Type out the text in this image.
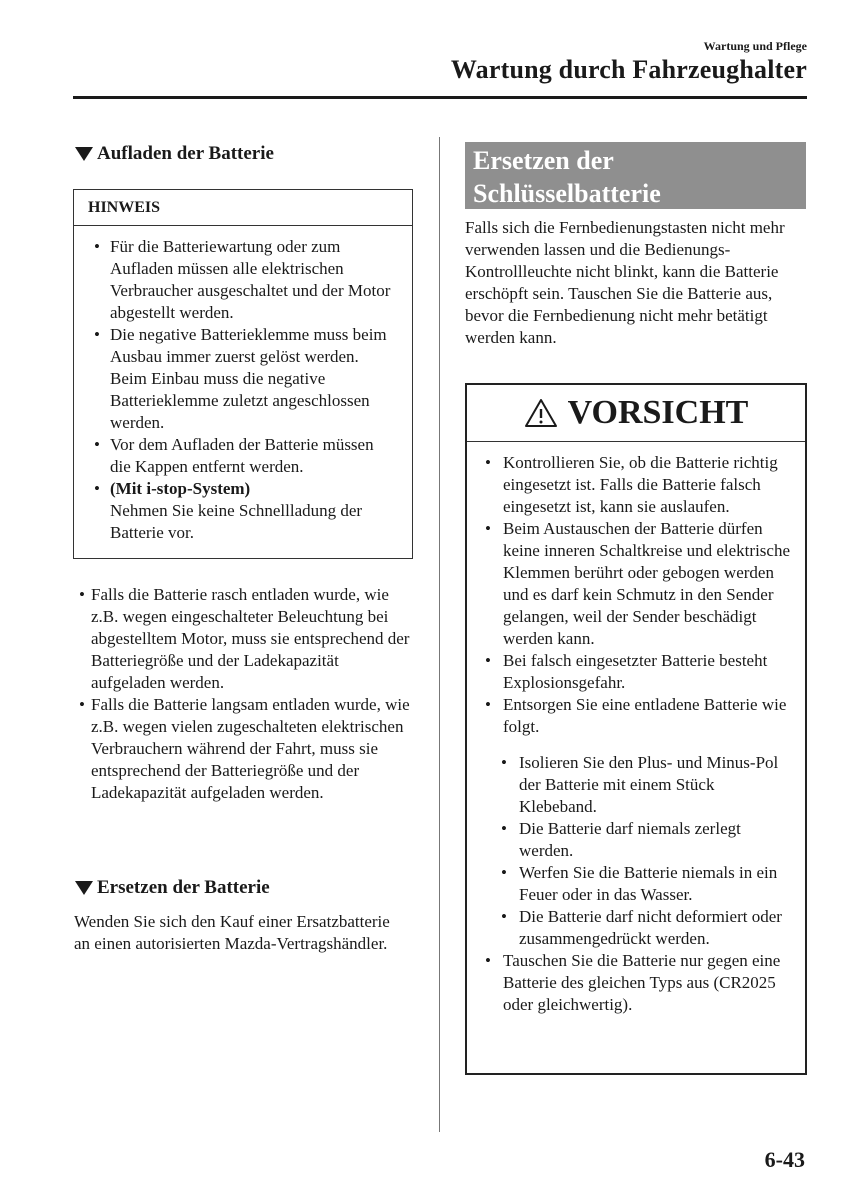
Wartung und Pflege
Wartung durch Fahrzeughalter
Aufladen der Batterie
HINWEIS
• Für die Batteriewartung oder zum Aufladen müssen alle elektrischen Verbraucher ausgeschaltet und der Motor abgestellt werden.
• Die negative Batterieklemme muss beim Ausbau immer zuerst gelöst werden. Beim Einbau muss die negative Batterieklemme zuletzt angeschlossen werden.
• Vor dem Aufladen der Batterie müssen die Kappen entfernt werden.
• (Mit i-stop-System)
Nehmen Sie keine Schnellladung der Batterie vor.
• Falls die Batterie rasch entladen wurde, wie z.B. wegen eingeschalteter Beleuchtung bei abgestelltem Motor, muss sie entsprechend der Batteriegröße und der Ladekapazität aufgeladen werden.
• Falls die Batterie langsam entladen wurde, wie z.B. wegen vielen zugeschalteten elektrischen Verbrauchern während der Fahrt, muss sie entsprechend der Batteriegröße und der Ladekapazität aufgeladen werden.
Ersetzen der Batterie
Wenden Sie sich den Kauf einer Ersatzbatterie an einen autorisierten Mazda-Vertragshändler.
Ersetzen der
Schlüsselbatterie
Falls sich die Fernbedienungstasten nicht mehr verwenden lassen und die Bedienungs-Kontrollleuchte nicht blinkt, kann die Batterie erschöpft sein. Tauschen Sie die Batterie aus, bevor die Fernbedienung nicht mehr betätigt werden kann.
VORSICHT
• Kontrollieren Sie, ob die Batterie richtig eingesetzt ist. Falls die Batterie falsch eingesetzt ist, kann sie auslaufen.
• Beim Austauschen der Batterie dürfen keine inneren Schaltkreise und elektrische Klemmen berührt oder gebogen werden und es darf kein Schmutz in den Sender gelangen, weil der Sender beschädigt werden kann.
• Bei falsch eingesetzter Batterie besteht Explosionsgefahr.
• Entsorgen Sie eine entladene Batterie wie folgt.
• Isolieren Sie den Plus- und Minus-Pol der Batterie mit einem Stück Klebeband.
• Die Batterie darf niemals zerlegt werden.
• Werfen Sie die Batterie niemals in ein Feuer oder in das Wasser.
• Die Batterie darf nicht deformiert oder zusammengedrückt werden.
• Tauschen Sie die Batterie nur gegen eine Batterie des gleichen Typs aus (CR2025 oder gleichwertig).
6-43
